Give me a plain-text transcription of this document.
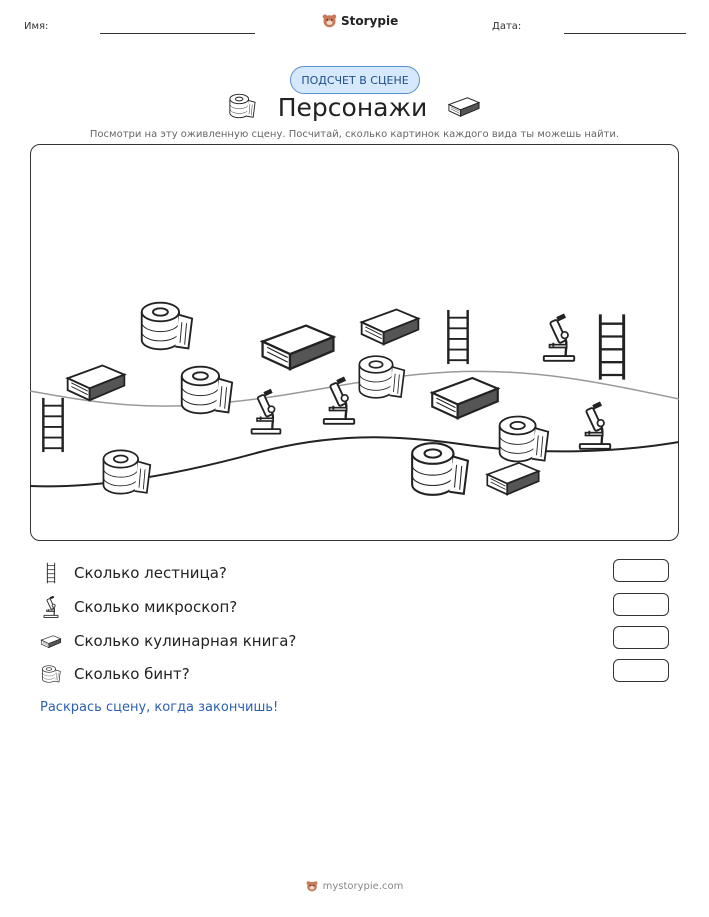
Имя:	Storypie	Дата:
ПОДСЧЕТ В СЦЕНЕ
Персонажи
Посмотри на эту оживленную сцену. Посчитай, сколько картинок каждого вида ты можешь найти.
Сколько лестница?
Сколько микроскоп?
Сколько кулинарная книга?
Сколько бинт?
Раскрась сцену, когда закончишь!
mystorypie.com
